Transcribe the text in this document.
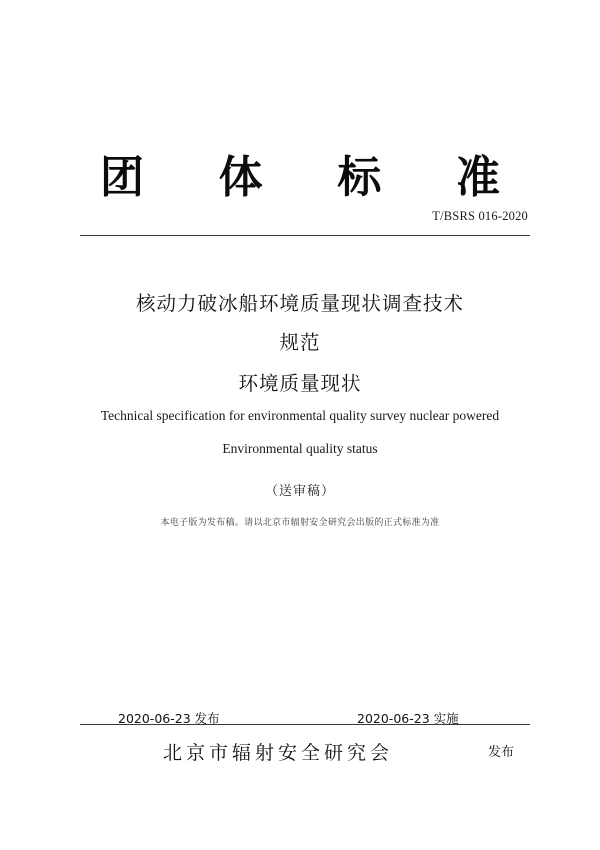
团 体 标 准
T/BSRS 016-2020
核动力破冰船环境质量现状调查技术
规范
环境质量现状
Technical specification for environmental quality survey nuclear powered
Environmental quality status
（送审稿）
本电子版为发布稿。请以北京市辐射安全研究会出版的正式标准为准
2020-06-23 发布	2020-06-23 实施
北京市辐射安全研究会	发布
